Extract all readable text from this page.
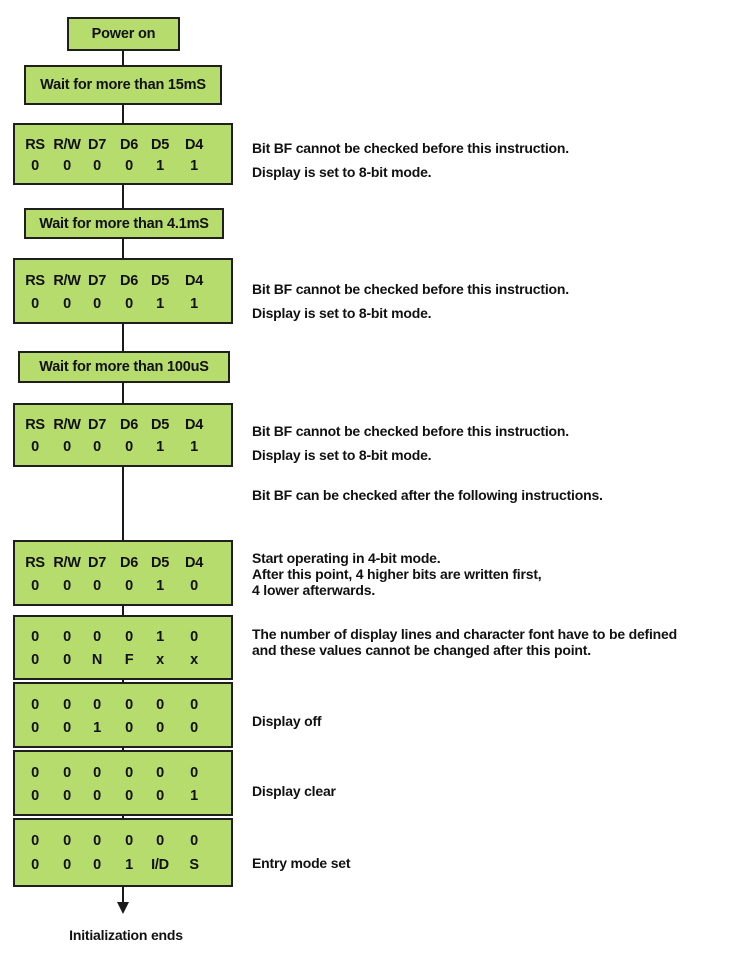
Power on
Wait for more than 15mS
Wait for more than 4.1mS
Wait for more than 100uS
RS R/W D7 D6 D5	D4
0	0	0	0	1	1
RS R/W D7 D6 D5	D4
0	0	0	0	1	1
RS R/W D7 D6 D5	D4
0	0	0	0	1	1
RS R/W D7 D6 D5	D4
0	0	0	0	1	0
0	0	0	0	1	0
0	0	N	F	x	x
0	0	0	0	0	0
0	0	1	0	0	0
0	0	0	0	0	0
0	0	0	0	0	1
0	0	0	0	0	0
0	0	0	1	I/D	S
Bit BF cannot be checked before this instruction.
Display is set to 8-bit mode.
Bit BF cannot be checked before this instruction.
Display is set to 8-bit mode.
Bit BF cannot be checked before this instruction.
Display is set to 8-bit mode.
Start operating in 4-bit mode.
After this point, 4 higher bits are written first,
4 lower afterwards.
The number of display lines and character font have to be defined
and these values cannot be changed after this point.
Display off
Display clear
Entry mode set
Bit BF can be checked after the following instructions.
Initialization ends
